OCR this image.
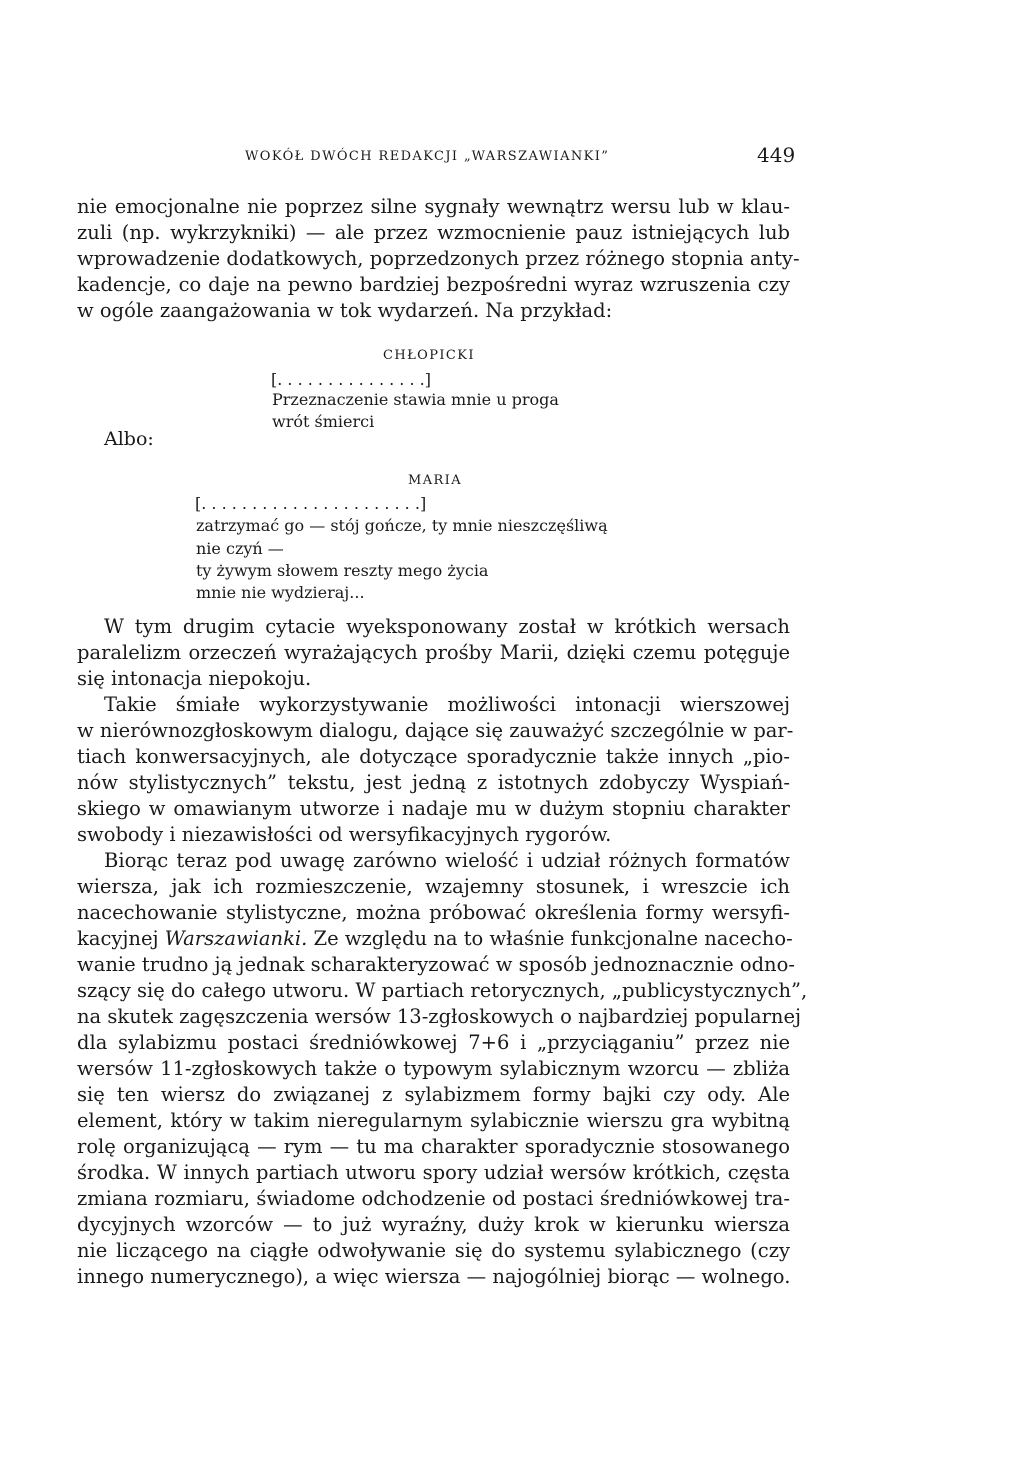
WOKÓŁ DWÓCH REDAKCJI „WARSZAWIANKI”	449
nie emocjonalne nie poprzez silne sygnały wewnątrz wersu lub w klau-
zuli (np. wykrzykniki) — ale przez wzmocnienie pauz istniejących lub
wprowadzenie dodatkowych, poprzedzonych przez różnego stopnia anty-
kadencje, co daje na pewno bardziej bezpośredni wyraz wzruszenia czy
w ogóle zaangażowania w tok wydarzeń. Na przykład:
CHŁOPICKI
[. . . . . . . . . . . . . . .]
Przeznaczenie stawia mnie u proga
wrót śmierci
Albo:
MARIA
[. . . . . . . . . . . . . . . . . . . . . .]
zatrzymać go — stój gończe, ty mnie nieszczęśliwą
nie czyń —
ty żywym słowem reszty mego życia
mnie nie wydzieraj...
W tym drugim cytacie wyeksponowany został w krótkich wersach
paralelizm orzeczeń wyrażających prośby Marii, dzięki czemu potęguje
się intonacja niepokoju.
Takie śmiałe wykorzystywanie możliwości intonacji wierszowej
w nierównozgłoskowym dialogu, dające się zauważyć szczególnie w par-
tiach konwersacyjnych, ale dotyczące sporadycznie także innych „pio-
nów stylistycznych” tekstu, jest jedną z istotnych zdobyczy Wyspiań-
skiego w omawianym utworze i nadaje mu w dużym stopniu charakter
swobody i niezawisłości od wersyfikacyjnych rygorów.
Biorąc teraz pod uwagę zarówno wielość i udział różnych formatów
wiersza, jak ich rozmieszczenie, wzajemny stosunek, i wreszcie ich
nacechowanie stylistyczne, można próbować określenia formy wersyfi-
kacyjnej Warszawianki. Ze względu na to właśnie funkcjonalne nacecho-
wanie trudno ją jednak scharakteryzować w sposób jednoznacznie odno-
szący się do całego utworu. W partiach retorycznych, „publicystycznych”,
na skutek zagęszczenia wersów 13-zgłoskowych o najbardziej popularnej
dla sylabizmu postaci średniówkowej 7+6 i „przyciąganiu” przez nie
wersów 11-zgłoskowych także o typowym sylabicznym wzorcu — zbliża
się ten wiersz do związanej z sylabizmem formy bajki czy ody. Ale
element, który w takim nieregularnym sylabicznie wierszu gra wybitną
rolę organizującą — rym — tu ma charakter sporadycznie stosowanego
środka. W innych partiach utworu spory udział wersów krótkich, częsta
zmiana rozmiaru, świadome odchodzenie od postaci średniówkowej tra-
dycyjnych wzorców — to już wyraźny, duży krok w kierunku wiersza
nie liczącego na ciągłe odwoływanie się do systemu sylabicznego (czy
innego numerycznego), a więc wiersza — najogólniej biorąc — wolnego.
